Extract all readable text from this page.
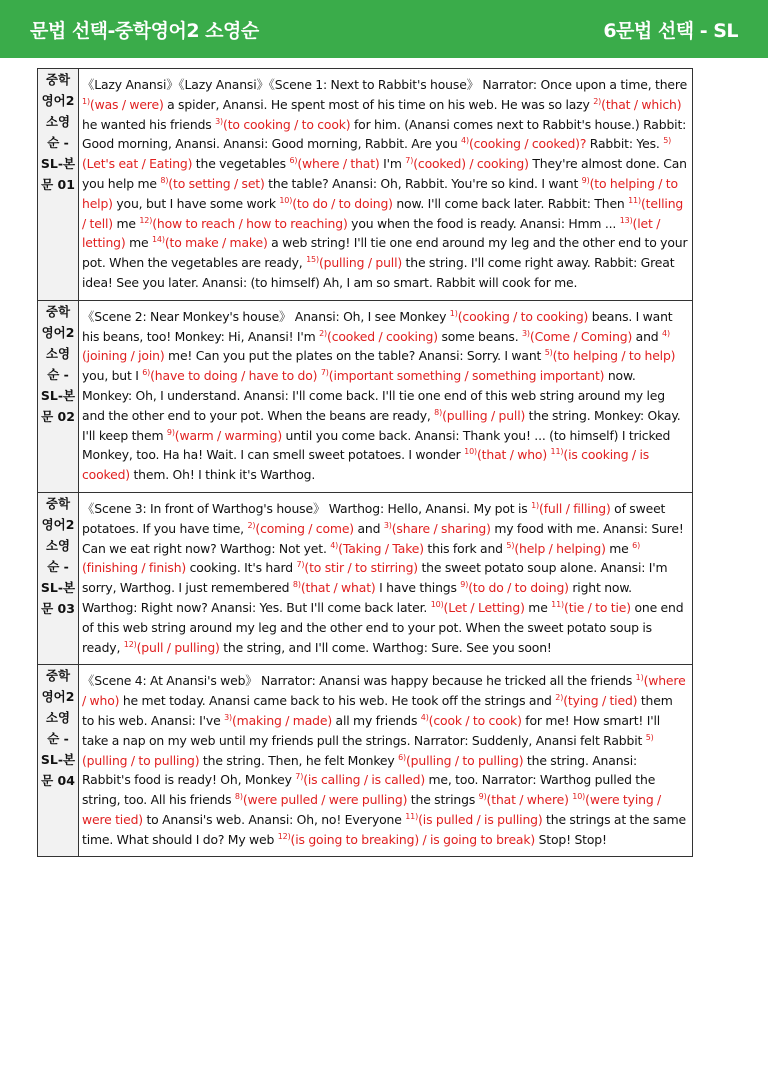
문법 선택-중학영어2 소영순	6문법 선택 - SL
중학영어2 소영순 - SL-본문 01	《Lazy Anansi》《Lazy Anansi》《Scene 1: Next to Rabbit's house》 Narrator: Once upon a time, there $^{1)}$(was / were) a spider, Anansi. He spent most of his time on his web. He was so lazy $^{2)}$(that / which) he wanted his friends $^{3)}$(to cooking / to cook) for him. (Anansi comes next to Rabbit's house.) Rabbit: Good morning, Anansi. Anansi: Good morning, Rabbit. Are you $^{4)}$(cooking / cooked)? Rabbit: Yes. $^{5)}$(Let's eat / Eating) the vegetables $^{6)}$(where / that) I'm $^{7)}$(cooked) / cooking) They're almost done. Can you help me $^{8)}$(to setting / set) the table? Anansi: Oh, Rabbit. You're so kind. I want $^{9)}$(to helping / to help) you, but I have some work $^{10)}$(to do / to doing) now. I'll come back later. Rabbit: Then $^{11)}$(telling / tell) me $^{12)}$(how to reach / how to reaching) you when the food is ready. Anansi: Hmm ... $^{13)}$(let / letting) me $^{14)}$(to make / make) a web string! I'll tie one end around my leg and the other end to your pot. When the vegetables are ready, $^{15)}$(pulling / pull) the string. I'll come right away. Rabbit: Great idea! See you later. Anansi: (to himself) Ah, I am so smart. Rabbit will cook for me.

중학영어2 소영순 - SL-본문 02	《Scene 2: Near Monkey's house》 Anansi: Oh, I see Monkey $^{1)}$(cooking / to cooking) beans. I want his beans, too! Monkey: Hi, Anansi! I'm $^{2)}$(cooked / cooking) some beans. $^{3)}$(Come / Coming) and $^{4)}$(joining / join) me! Can you put the plates on the table? Anansi: Sorry. I want $^{5)}$(to helping / to help) you, but I $^{6)}$(have to doing / have to do) $^{7)}$(important something / something important) now. Monkey: Oh, I understand. Anansi: I'll come back. I'll tie one end of this web string around my leg and the other end to your pot. When the beans are ready, $^{8)}$(pulling / pull) the string. Monkey: Okay. I'll keep them $^{9)}$(warm / warming) until you come back. Anansi: Thank you! ... (to himself) I tricked Monkey, too. Ha ha! Wait. I can smell sweet potatoes. I wonder $^{10)}$(that / who) $^{11)}$(is cooking / is cooked) them. Oh! I think it's Warthog.

중학영어2 소영순 - SL-본문 03	《Scene 3: In front of Warthog's house》 Warthog: Hello, Anansi. My pot is $^{1)}$(full / filling) of sweet potatoes. If you have time, $^{2)}$(coming / come) and $^{3)}$(share / sharing) my food with me. Anansi: Sure! Can we eat right now? Warthog: Not yet. $^{4)}$(Taking / Take) this fork and $^{5)}$(help / helping) me $^{6)}$(finishing / finish) cooking. It's hard $^{7)}$(to stir / to stirring) the sweet potato soup alone. Anansi: I'm sorry, Warthog. I just remembered $^{8)}$(that / what) I have things $^{9)}$(to do / to doing) right now. Warthog: Right now? Anansi: Yes. But I'll come back later. $^{10)}$(Let / Letting) me $^{11)}$(tie / to tie) one end of this web string around my leg and the other end to your pot. When the sweet potato soup is ready, $^{12)}$(pull / pulling) the string, and I'll come. Warthog: Sure. See you soon!

중학영어2 소영순 - SL-본문 04	《Scene 4: At Anansi's web》 Narrator: Anansi was happy because he tricked all the friends $^{1)}$(where / who) he met today. Anansi came back to his web. He took off the strings and $^{2)}$(tying / tied) them to his web. Anansi: I've $^{3)}$(making / made) all my friends $^{4)}$(cook / to cook) for me! How smart! I'll take a nap on my web until my friends pull the strings. Narrator: Suddenly, Anansi felt Rabbit $^{5)}$(pulling / to pulling) the string. Then, he felt Monkey $^{6)}$(pulling / to pulling) the string. Anansi: Rabbit's food is ready! Oh, Monkey $^{7)}$(is calling / is called) me, too. Narrator: Warthog pulled the string, too. All his friends $^{8)}$(were pulled / were pulling) the strings $^{9)}$(that / where) $^{10)}$(were tying / were tied) to Anansi's web. Anansi: Oh, no! Everyone $^{11)}$(is pulled / is pulling) the strings at the same time. What should I do? My web $^{12)}$(is going to breaking) / is going to break) Stop! Stop!
